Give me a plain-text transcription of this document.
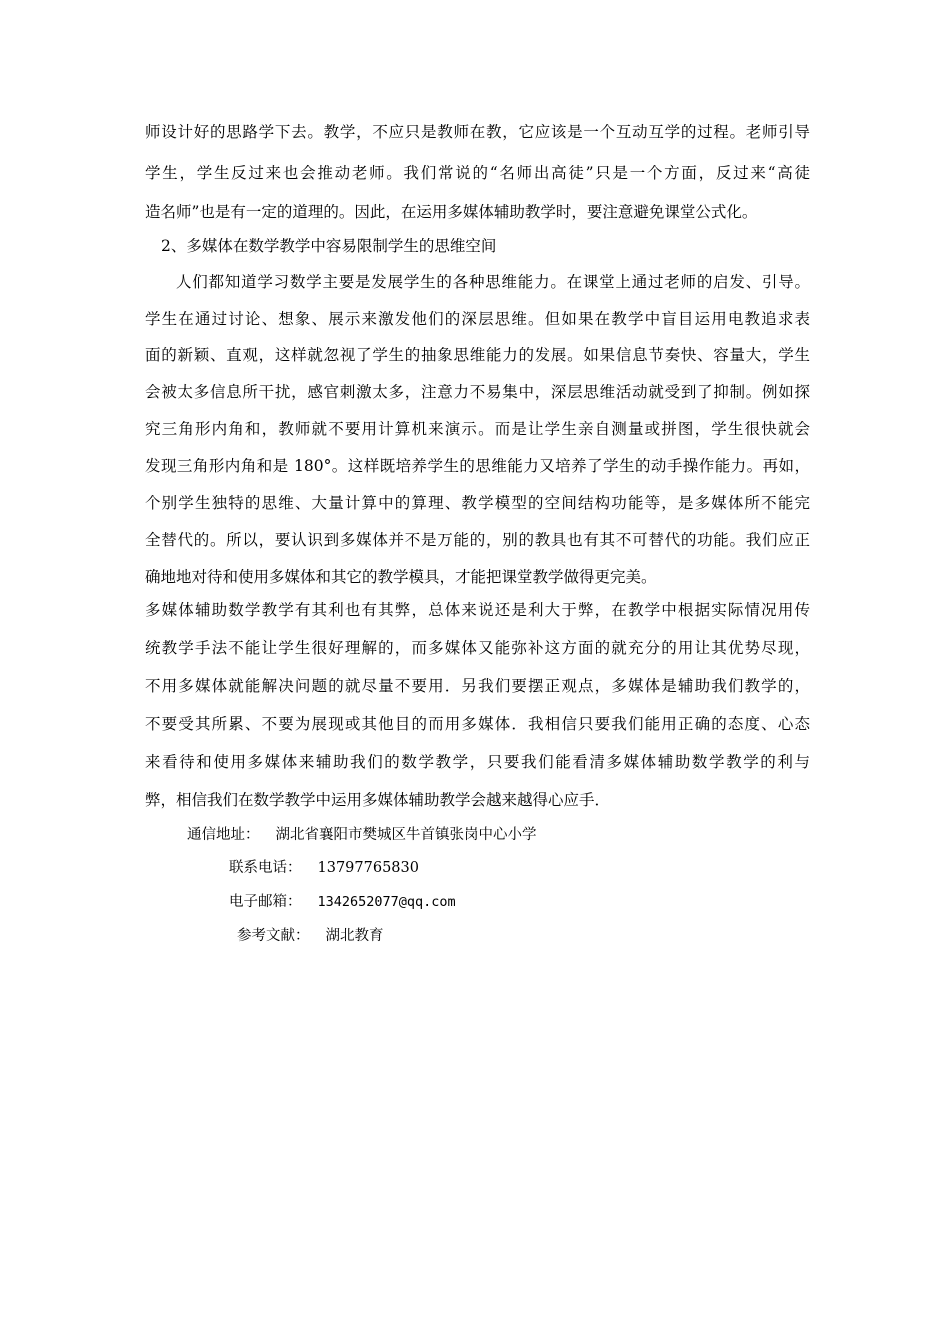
师设计好的思路学下去。教学，不应只是教师在教，它应该是一个互动互学的过程。老师引导
学生，学生反过来也会推动老师。我们常说的“名师出高徒”只是一个方面，反过来“高徒
造名师”也是有一定的道理的。因此，在运用多媒体辅助教学时，要注意避免课堂公式化。
2、多媒体在数学教学中容易限制学生的思维空间
人们都知道学习数学主要是发展学生的各种思维能力。在课堂上通过老师的启发、引导。
学生在通过讨论、想象、展示来激发他们的深层思维。但如果在教学中盲目运用电教追求表
面的新颖、直观，这样就忽视了学生的抽象思维能力的发展。如果信息节奏快、容量大，学生
会被太多信息所干扰，感官刺激太多，注意力不易集中，深层思维活动就受到了抑制。例如探
究三角形内角和，教师就不要用计算机来演示。而是让学生亲自测量或拼图，学生很快就会
发现三角形内角和是 180°。这样既培养学生的思维能力又培养了学生的动手操作能力。再如，
个别学生独特的思维、大量计算中的算理、教学模型的空间结构功能等，是多媒体所不能完
全替代的。所以，要认识到多媒体并不是万能的，别的教具也有其不可替代的功能。我们应正
确地地对待和使用多媒体和其它的教学模具，才能把课堂教学做得更完美。
多媒体辅助数学教学有其利也有其弊，总体来说还是利大于弊，在教学中根据实际情况用传
统教学手法不能让学生很好理解的，而多媒体又能弥补这方面的就充分的用让其优势尽现，
不用多媒体就能解决问题的就尽量不要用．另我们要摆正观点，多媒体是辅助我们教学的，
不要受其所累、不要为展现或其他目的而用多媒体．我相信只要我们能用正确的态度、心态
来看待和使用多媒体来辅助我们的数学教学，只要我们能看清多媒体辅助数学教学的利与
弊，相信我们在数学教学中运用多媒体辅助教学会越来越得心应手．
通信地址： 湖北省襄阳市樊城区牛首镇张岗中心小学
联系电话： 13797765830
电子邮箱： 1342652077@qq.com
参考文献： 湖北教育
